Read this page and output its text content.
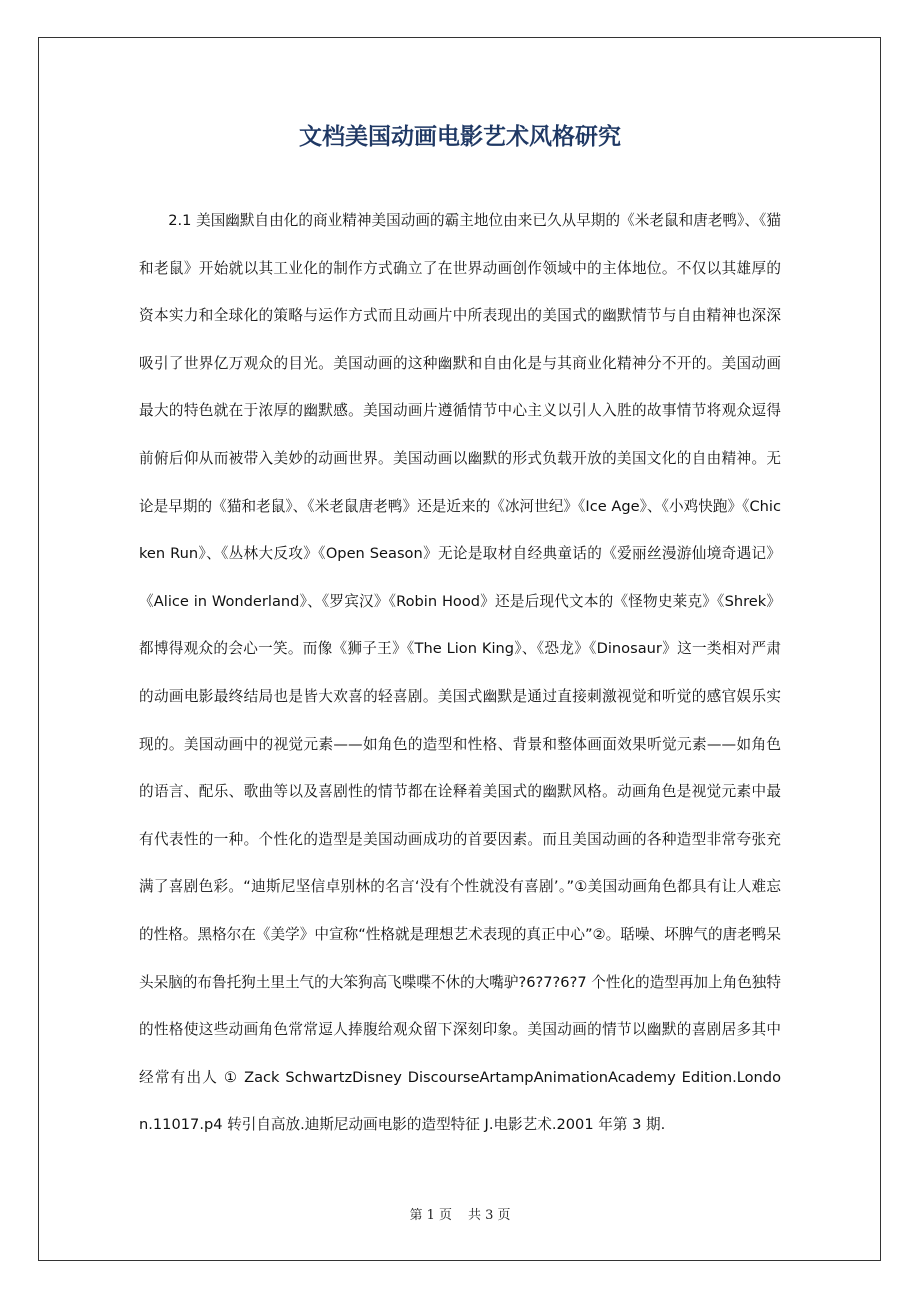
文档美国动画电影艺术风格研究

2.1 美国幽默自由化的商业精神美国动画的霸主地位由来已久从早期的《米老鼠和唐老鸭》、《猫和老鼠》开始就以其工业化的制作方式确立了在世界动画创作领域中的主体地位。不仅以其雄厚的资本实力和全球化的策略与运作方式而且动画片中所表现出的美国式的幽默情节与自由精神也深深吸引了世界亿万观众的目光。美国动画的这种幽默和自由化是与其商业化精神分不开的。美国动画最大的特色就在于浓厚的幽默感。美国动画片遵循情节中心主义以引人入胜的故事情节将观众逗得前俯后仰从而被带入美妙的动画世界。美国动画以幽默的形式负载开放的美国文化的自由精神。无论是早期的《猫和老鼠》、《米老鼠唐老鸭》还是近来的《冰河世纪》《Ice Age》、《小鸡快跑》《Chicken Run》、《丛林大反攻》《Open Season》无论是取材自经典童话的《爱丽丝漫游仙境奇遇记》《Alice in Wonderland》、《罗宾汉》《Robin Hood》还是后现代文本的《怪物史莱克》《Shrek》都博得观众的会心一笑。而像《狮子王》《The Lion King》、《恐龙》《Dinosaur》这一类相对严肃的动画电影最终结局也是皆大欢喜的轻喜剧。美国式幽默是通过直接刺激视觉和听觉的感官娱乐实现的。美国动画中的视觉元素——如角色的造型和性格、背景和整体画面效果听觉元素——如角色的语言、配乐、歌曲等以及喜剧性的情节都在诠释着美国式的幽默风格。动画角色是视觉元素中最有代表性的一种。个性化的造型是美国动画成功的首要因素。而且美国动画的各种造型非常夸张充满了喜剧色彩。“迪斯尼坚信卓别林的名言‘没有个性就没有喜剧’。”①美国动画角色都具有让人难忘的性格。黑格尔在《美学》中宣称“性格就是理想艺术表现的真正中心”②。聒噪、坏脾气的唐老鸭呆头呆脑的布鲁托狗土里土气的大笨狗高飞喋喋不休的大嘴驴?6?7?6?7 个性化的造型再加上角色独特的性格使这些动画角色常常逗人捧腹给观众留下深刻印象。美国动画的情节以幽默的喜剧居多其中经常有出人 ① Zack SchwartzDisney DiscourseArtampAnimationAcademy Edition.London.11017.p4 转引自高放.迪斯尼动画电影的造型特征 J.电影艺术.2001 年第 3 期.

第 1 页 共 3 页
